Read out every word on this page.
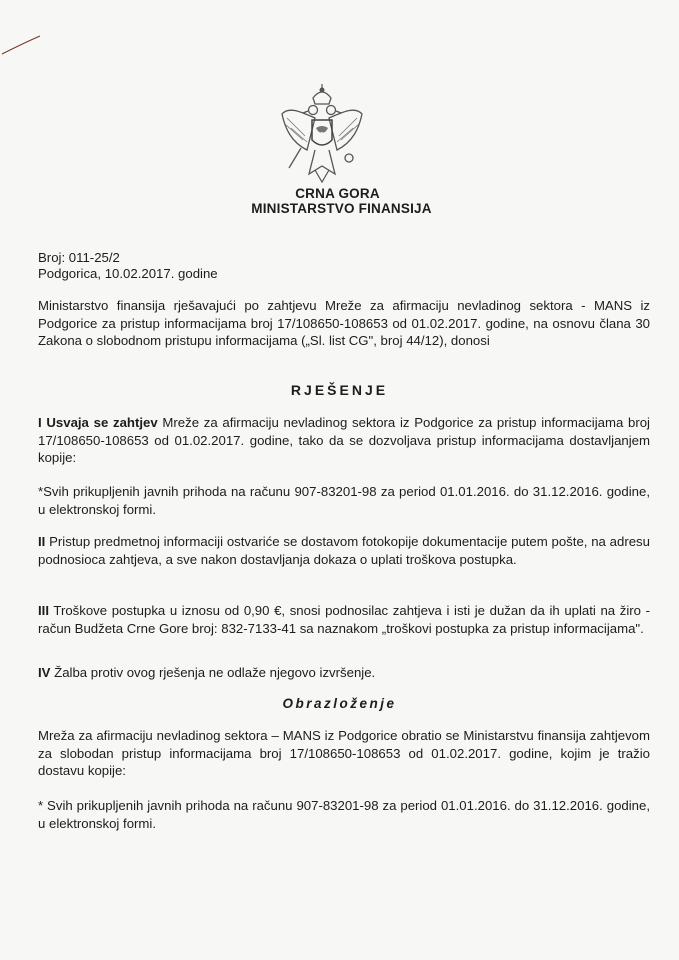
CRNA GORA
MINISTARSTVO FINANSIJA
Broj: 011-25/2
Podgorica, 10.02.2017. godine
Ministarstvo finansija rješavajući po zahtjevu Mreže za afirmaciju nevladinog sektora - MANS iz Podgorice za pristup informacijama broj 17/108650-108653 od 01.02.2017. godine, na osnovu člana 30 Zakona o slobodnom pristupu informacijama („Sl. list CG", broj 44/12), donosi
RJEŠENJE
I Usvaja se zahtjev Mreže za afirmaciju nevladinog sektora iz Podgorice za pristup informacijama broj 17/108650-108653 od 01.02.2017. godine, tako da se dozvoljava pristup informacijama dostavljanjem kopije:
*Svih prikupljenih javnih prihoda na računu 907-83201-98 za period 01.01.2016. do 31.12.2016. godine, u elektronskoj formi.
II Pristup predmetnoj informaciji ostvariće se dostavom fotokopije dokumentacije putem pošte, na adresu podnosioca zahtjeva, a sve nakon dostavljanja dokaza o uplati troškova postupka.
III Troškove postupka u iznosu od 0,90 €, snosi podnosilac zahtjeva i isti je dužan da ih uplati na žiro - račun Budžeta Crne Gore broj: 832-7133-41 sa naznakom „troškovi postupka za pristup informacijama".
IV Žalba protiv ovog rješenja ne odlaže njegovo izvršenje.
Obrazloženje
Mreža za afirmaciju nevladinog sektora – MANS iz Podgorice obratio se Ministarstvu finansija zahtjevom za slobodan pristup informacijama broj 17/108650-108653 od 01.02.2017. godine, kojim je tražio dostavu kopije:
* Svih prikupljenih javnih prihoda na računu 907-83201-98 za period 01.01.2016. do 31.12.2016. godine, u elektronskoj formi.
